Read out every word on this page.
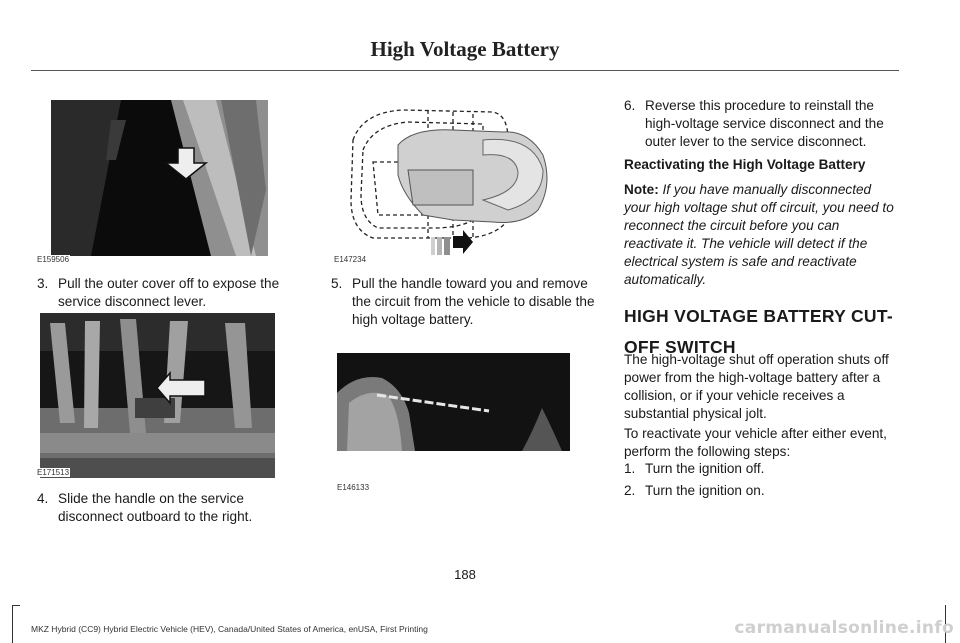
High Voltage Battery
E159506
3. Pull the outer cover off to expose the service disconnect lever.
E171513
4. Slide the handle on the service disconnect outboard to the right.
E147234
5. Pull the handle toward you and remove the circuit from the vehicle to disable the high voltage battery.
E146133
6. Reverse this procedure to reinstall the high-voltage service disconnect and the outer lever to the service disconnect.
Reactivating the High Voltage Battery
Note: If you have manually disconnected your high voltage shut off circuit, you need to reconnect the circuit before you can reactivate it. The vehicle will detect if the electrical system is safe and reactivate automatically.
HIGH VOLTAGE BATTERY CUT-
OFF SWITCH
The high-voltage shut off operation shuts off power from the high-voltage battery after a collision, or if your vehicle receives a substantial physical jolt.
To reactivate your vehicle after either event, perform the following steps:
1. Turn the ignition off.
2. Turn the ignition on.
188
MKZ Hybrid (CC9) Hybrid Electric Vehicle (HEV), Canada/United States of America, enUSA, First Printing	carmanualsonline.info
